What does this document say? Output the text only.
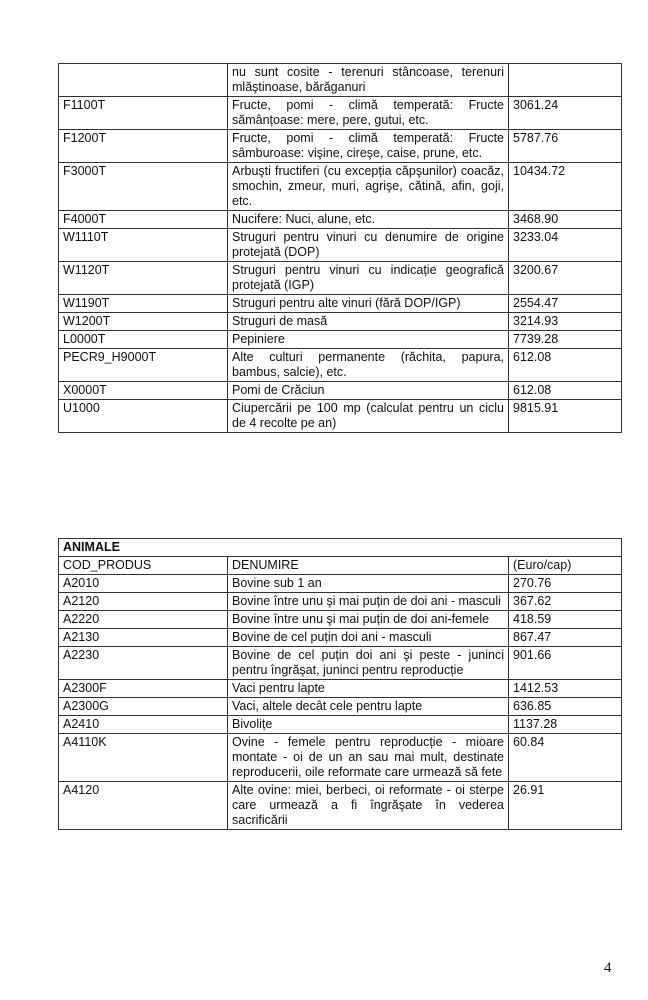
	nu sunt cosite - terenuri stâncoase, terenuri mlăştinoase, bărăganuri	
F1100T	Fructe, pomi - climă temperată: Fructe sămânțoase: mere, pere, gutui, etc.	3061.24
F1200T	Fructe, pomi - climă temperată: Fructe sâmburoase: vişine, cireşe, caise, prune, etc.	5787.76
F3000T	Arbuşti fructiferi (cu excepția căpşunilor) coacăz, smochin, zmeur, muri, agrişe, cătină, afin, goji, etc.	10434.72
F4000T	Nucifere: Nuci, alune, etc.	3468.90
W1110T	Struguri pentru vinuri cu denumire de origine protejată (DOP)	3233.04
W1120T	Struguri pentru vinuri cu indicație geografică protejată (IGP)	3200.67
W1190T	Struguri pentru alte vinuri (fără DOP/IGP)	2554.47
W1200T	Struguri de masă	3214.93
L0000T	Pepiniere	7739.28
PECR9_H9000T	Alte culturi permanente (răchita, papura, bambus, salcie), etc.	612.08
X0000T	Pomi de Crăciun	612.08
U1000	Ciupercării pe 100 mp (calculat pentru un ciclu de 4 recolte pe an)	9815.91
ANIMALE		
COD_PRODUS	DENUMIRE	(Euro/cap)
A2010	Bovine sub 1 an	270.76
A2120	Bovine între unu şi mai puțin de doi ani - masculi	367.62
A2220	Bovine între unu şi mai puțin de doi ani-femele	418.59
A2130	Bovine de cel puțin doi ani - masculi	867.47
A2230	Bovine de cel puțin doi ani şi peste - juninci pentru îngrăşat, juninci pentru reproducție	901.66
A2300F	Vaci pentru lapte	1412.53
A2300G	Vaci, altele decât cele pentru lapte	636.85
A2410	Bivolițe	1137.28
A4110K	Ovine - femele pentru reproducție - mioare montate - oi de un an sau mai mult, destinate reproducerii, oile reformate care urmează să fete	60.84
A4120	Alte ovine: miei, berbeci, oi reformate - oi sterpe care urmează a fi îngrăşate în vederea sacrificării	26.91
4
